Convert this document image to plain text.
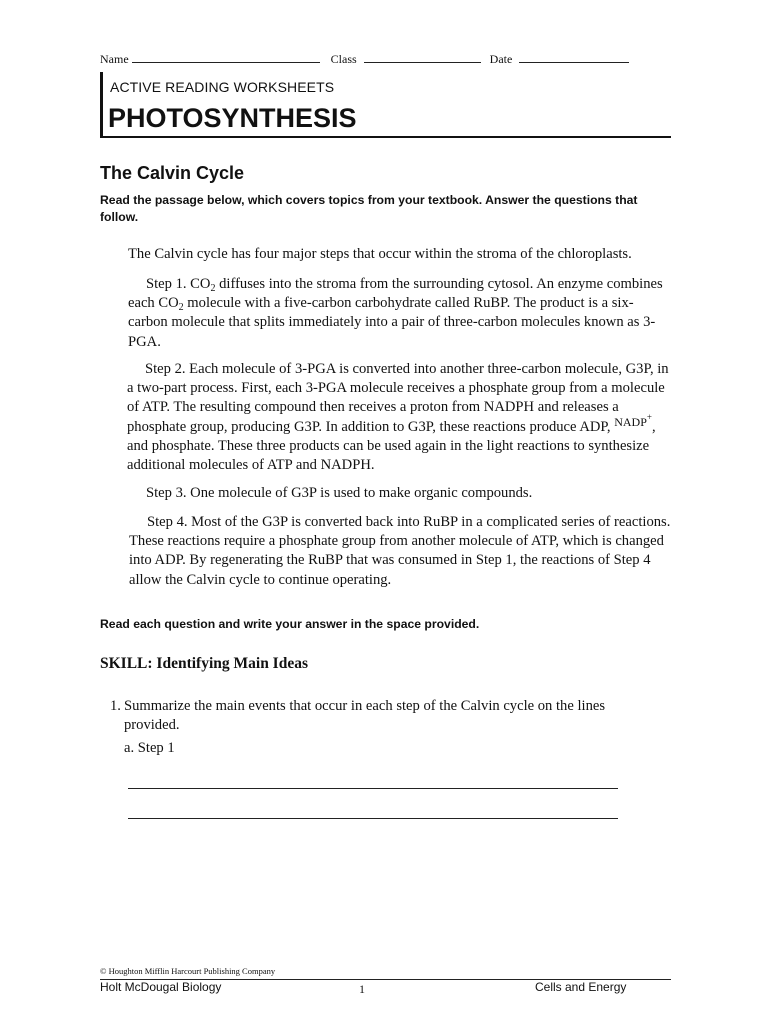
Name	Class	Date
ACTIVE READING WORKSHEETS
PHOTOSYNTHESIS
The Calvin Cycle
Read the passage below, which covers topics from your textbook. Answer the questions that follow.
The Calvin cycle has four major steps that occur within the stroma of the chloroplasts.
Step 1. $CO_2$ diffuses into the stroma from the surrounding cytosol. An enzyme combines each $CO_2$ molecule with a five-carbon carbohydrate called RuBP. The product is a six-carbon molecule that splits immediately into a pair of three-carbon molecules known as 3-PGA.
Step 2. Each molecule of 3-PGA is converted into another three-carbon molecule, G3P, in a two-part process. First, each 3-PGA molecule receives a phosphate group from a molecule of ATP. The resulting compound then receives a proton from NADPH and releases a phosphate group, producing G3P. In addition to G3P, these reactions produce ADP, $^{NADP^+}$, and phosphate. These three products can be used again in the light reactions to synthesize additional molecules of ATP and NADPH.
Step 3. One molecule of G3P is used to make organic compounds.
Step 4. Most of the G3P is converted back into RuBP in a complicated series of reactions. These reactions require a phosphate group from another molecule of ATP, which is changed into ADP. By regenerating the RuBP that was consumed in Step 1, the reactions of Step 4 allow the Calvin cycle to continue operating.
Read each question and write your answer in the space provided.
SKILL: Identifying Main Ideas
1. Summarize the main events that occur in each step of the Calvin cycle on the lines provided.
a. Step 1
© Houghton Mifflin Harcourt Publishing Company
Holt McDougal Biology	1	Cells and Energy
